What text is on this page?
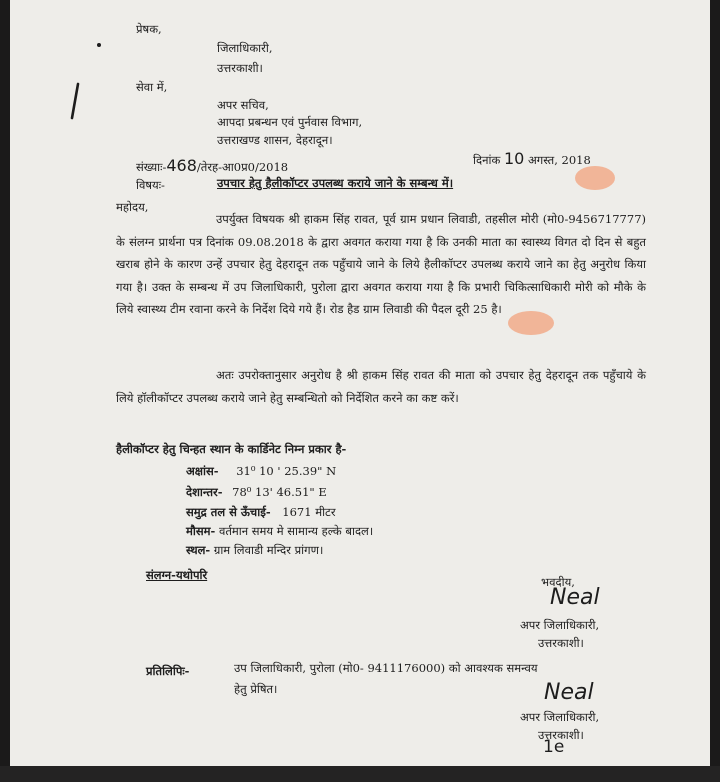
प्रेषक,
जिलाधिकारी,
उत्तरकाशी।
सेवा में,
अपर सचिव,
आपदा प्रबन्धन एवं पुर्नवास विभाग,
उत्तराखण्ड शासन, देहरादून।
संख्याः-468/तेरह-आ0प्र0/2018	दिनांक 10 अगस्त, 2018
विषयः-	उपचार हेतु हैलीकॉप्टर उपलब्ध कराये जाने के सम्बन्ध में।
महोदय,
उपर्युक्त विषयक श्री हाकम सिंह रावत, पूर्व ग्राम प्रधान लिवाडी, तहसील मोरी (मो0-9456717777) के संलग्न प्रार्थना पत्र दिनांक 09.08.2018 के द्वारा अवगत कराया गया है कि उनकी माता का स्वास्थ्य विगत दो दिन से बहुत खराब होने के कारण उन्हें उपचार हेतु देहरादून तक पहुँचाये जाने के लिये हैलीकॉप्टर उपलब्ध कराये जाने का हेतु अनुरोध किया गया है। उक्त के सम्बन्ध में उप जिलाधिकारी, पुरोला द्वारा अवगत कराया गया है कि प्रभारी चिकित्साधिकारी मोरी को मौके के लिये स्वास्थ्य टीम रवाना करने के निर्देश दिये गये हैं। रोड हैड ग्राम लिवाडी की पैदल दूरी 25 है।
अतः उपरोक्तानुसार अनुरोध है श्री हाकम सिंह रावत की माता को उपचार हेतु देहरादून तक पहुँचाये के लिये हॉलीकॉप्टर उपलब्ध कराये जाने हेतु सम्बन्धितो को निर्देशित करने का कष्ट करें।
हैलीकॉप्टर हेतु चिन्हत स्थान के कार्डिनेट निम्न प्रकार है-
अक्षांस- 31⁰ 10 ' 25.39" N
देशान्तर- 78⁰ 13' 46.51" E
समुद्र तल से ऊँचाई- 1671 मीटर
मौसम- वर्तमान समय मे सामान्य हल्के बादल।
स्थल- ग्राम लिवाडी मन्दिर प्रांगण।
संलग्न-यथोपरि	भवदीय,
Neal
अपर जिलाधिकारी,
उत्तरकाशी।
प्रतिलिपिः-	उप जिलाधिकारी, पुरोला (मो0- 9411176000) को आवश्यक समन्वय
हेतु प्रेषित।	Neal
अपर जिलाधिकारी,
उत्तरकाशी।
1e
